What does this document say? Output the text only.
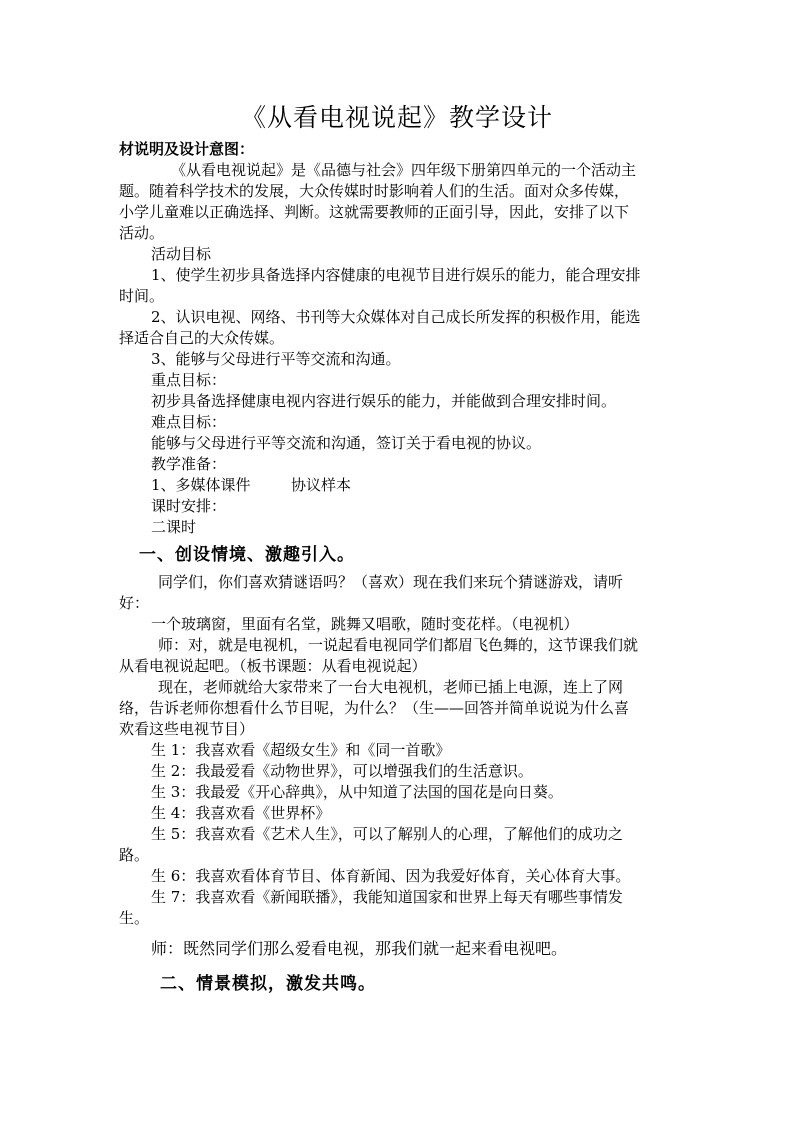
《从看电视说起》教学设计
材说明及设计意图：
《从看电视说起》是《品德与社会》四年级下册第四单元的一个活动主
题。随着科学技术的发展，大众传媒时时影响着人们的生活。面对众多传媒，
小学儿童难以正确选择、判断。这就需要教师的正面引导，因此，安排了以下
活动。
活动目标
1、使学生初步具备选择内容健康的电视节目进行娱乐的能力，能合理安排
时间。
2、认识电视、网络、书刊等大众媒体对自己成长所发挥的积极作用，能选
择适合自己的大众传媒。
3、能够与父母进行平等交流和沟通。
重点目标：
初步具备选择健康电视内容进行娱乐的能力，并能做到合理安排时间。
难点目标：
能够与父母进行平等交流和沟通，签订关于看电视的协议。
教学准备：
1、多媒体课件	协议样本
课时安排：
二课时
一、创设情境、激趣引入。
同学们，你们喜欢猜谜语吗？（喜欢）现在我们来玩个猜谜游戏，请听
好：
一个玻璃窗，里面有名堂，跳舞又唱歌，随时变花样。（电视机）
师：对，就是电视机，一说起看电视同学们都眉飞色舞的，这节课我们就
从看电视说起吧。（板书课题：从看电视说起）
现在，老师就给大家带来了一台大电视机，老师已插上电源，连上了网
络，告诉老师你想看什么节目呢，为什么？（生——回答并简单说说为什么喜
欢看这些电视节目）
生 1：我喜欢看《超级女生》和《同一首歌》
生 2：我最爱看《动物世界》，可以增强我们的生活意识。
生 3：我最爱《开心辞典》，从中知道了法国的国花是向日葵。
生 4：我喜欢看《世界杯》
生 5：我喜欢看《艺术人生》，可以了解别人的心理，了解他们的成功之
路。
生 6：我喜欢看体育节目、体育新闻、因为我爱好体育，关心体育大事。
生 7：我喜欢看《新闻联播》，我能知道国家和世界上每天有哪些事情发
生。
师：既然同学们那么爱看电视，那我们就一起来看电视吧。
二、情景模拟，激发共鸣。
